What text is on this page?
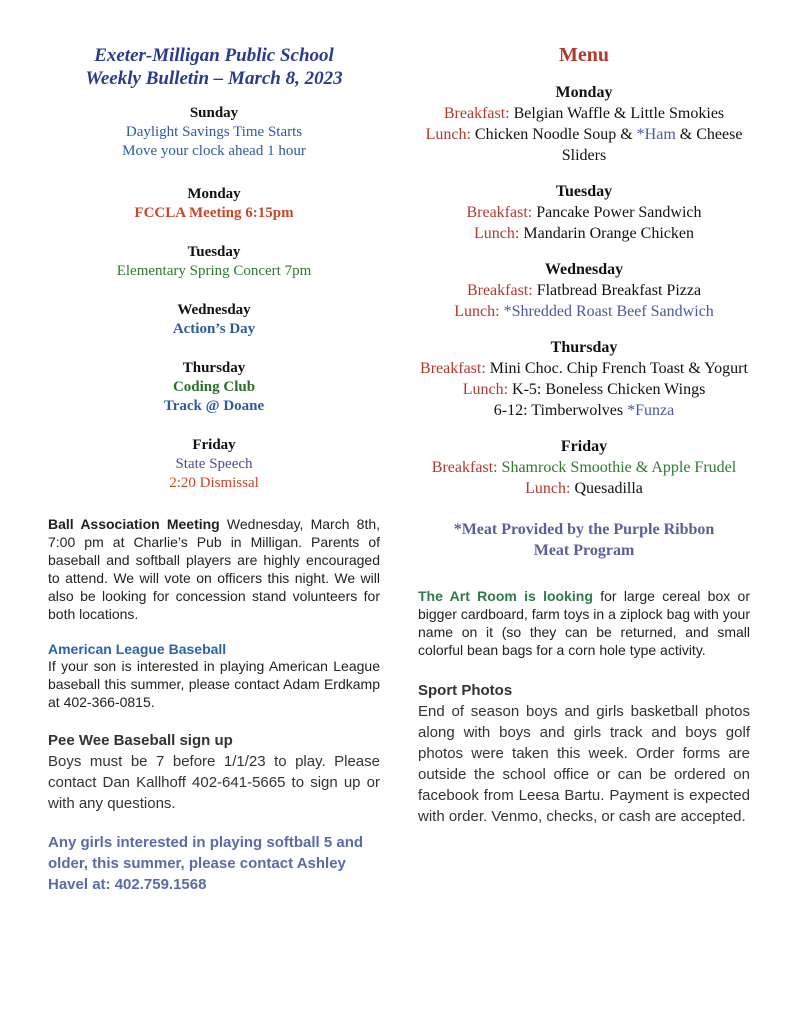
Exeter-Milligan Public School
Weekly Bulletin – March 8, 2023
Sunday
Daylight Savings Time Starts
Move your clock ahead 1 hour
Monday
FCCLA Meeting 6:15pm
Tuesday
Elementary Spring Concert 7pm
Wednesday
Action’s Day
Thursday
Coding Club
Track @ Doane
Friday
State Speech
2:20 Dismissal
Ball Association Meeting Wednesday, March 8th, 7:00 pm at Charlie’s Pub in Milligan. Parents of baseball and softball players are highly encouraged to attend. We will vote on officers this night. We will also be looking for concession stand volunteers for both locations.
American League Baseball
If your son is interested in playing American League baseball this summer, please contact Adam Erdkamp at 402-366-0815.
Pee Wee Baseball sign up
Boys must be 7 before 1/1/23 to play. Please contact Dan Kallhoff 402-641-5665 to sign up or with any questions.
Any girls interested in playing softball 5 and older, this summer, please contact Ashley Havel at: 402.759.1568
Menu
Monday
Breakfast: Belgian Waffle & Little Smokies
Lunch: Chicken Noodle Soup & *Ham & Cheese Sliders
Tuesday
Breakfast: Pancake Power Sandwich
Lunch: Mandarin Orange Chicken
Wednesday
Breakfast: Flatbread Breakfast Pizza
Lunch: *Shredded Roast Beef Sandwich
Thursday
Breakfast: Mini Choc. Chip French Toast & Yogurt
Lunch: K-5: Boneless Chicken Wings
6-12: Timberwolves *Funza
Friday
Breakfast: Shamrock Smoothie & Apple Frudel
Lunch: Quesadilla
*Meat Provided by the Purple Ribbon Meat Program
The Art Room is looking for large cereal box or bigger cardboard, farm toys in a ziplock bag with your name on it (so they can be returned, and small colorful bean bags for a corn hole type activity.
Sport Photos
End of season boys and girls basketball photos along with boys and girls track and boys golf photos were taken this week. Order forms are outside the school office or can be ordered on facebook from Leesa Bartu. Payment is expected with order. Venmo, checks, or cash are accepted.
